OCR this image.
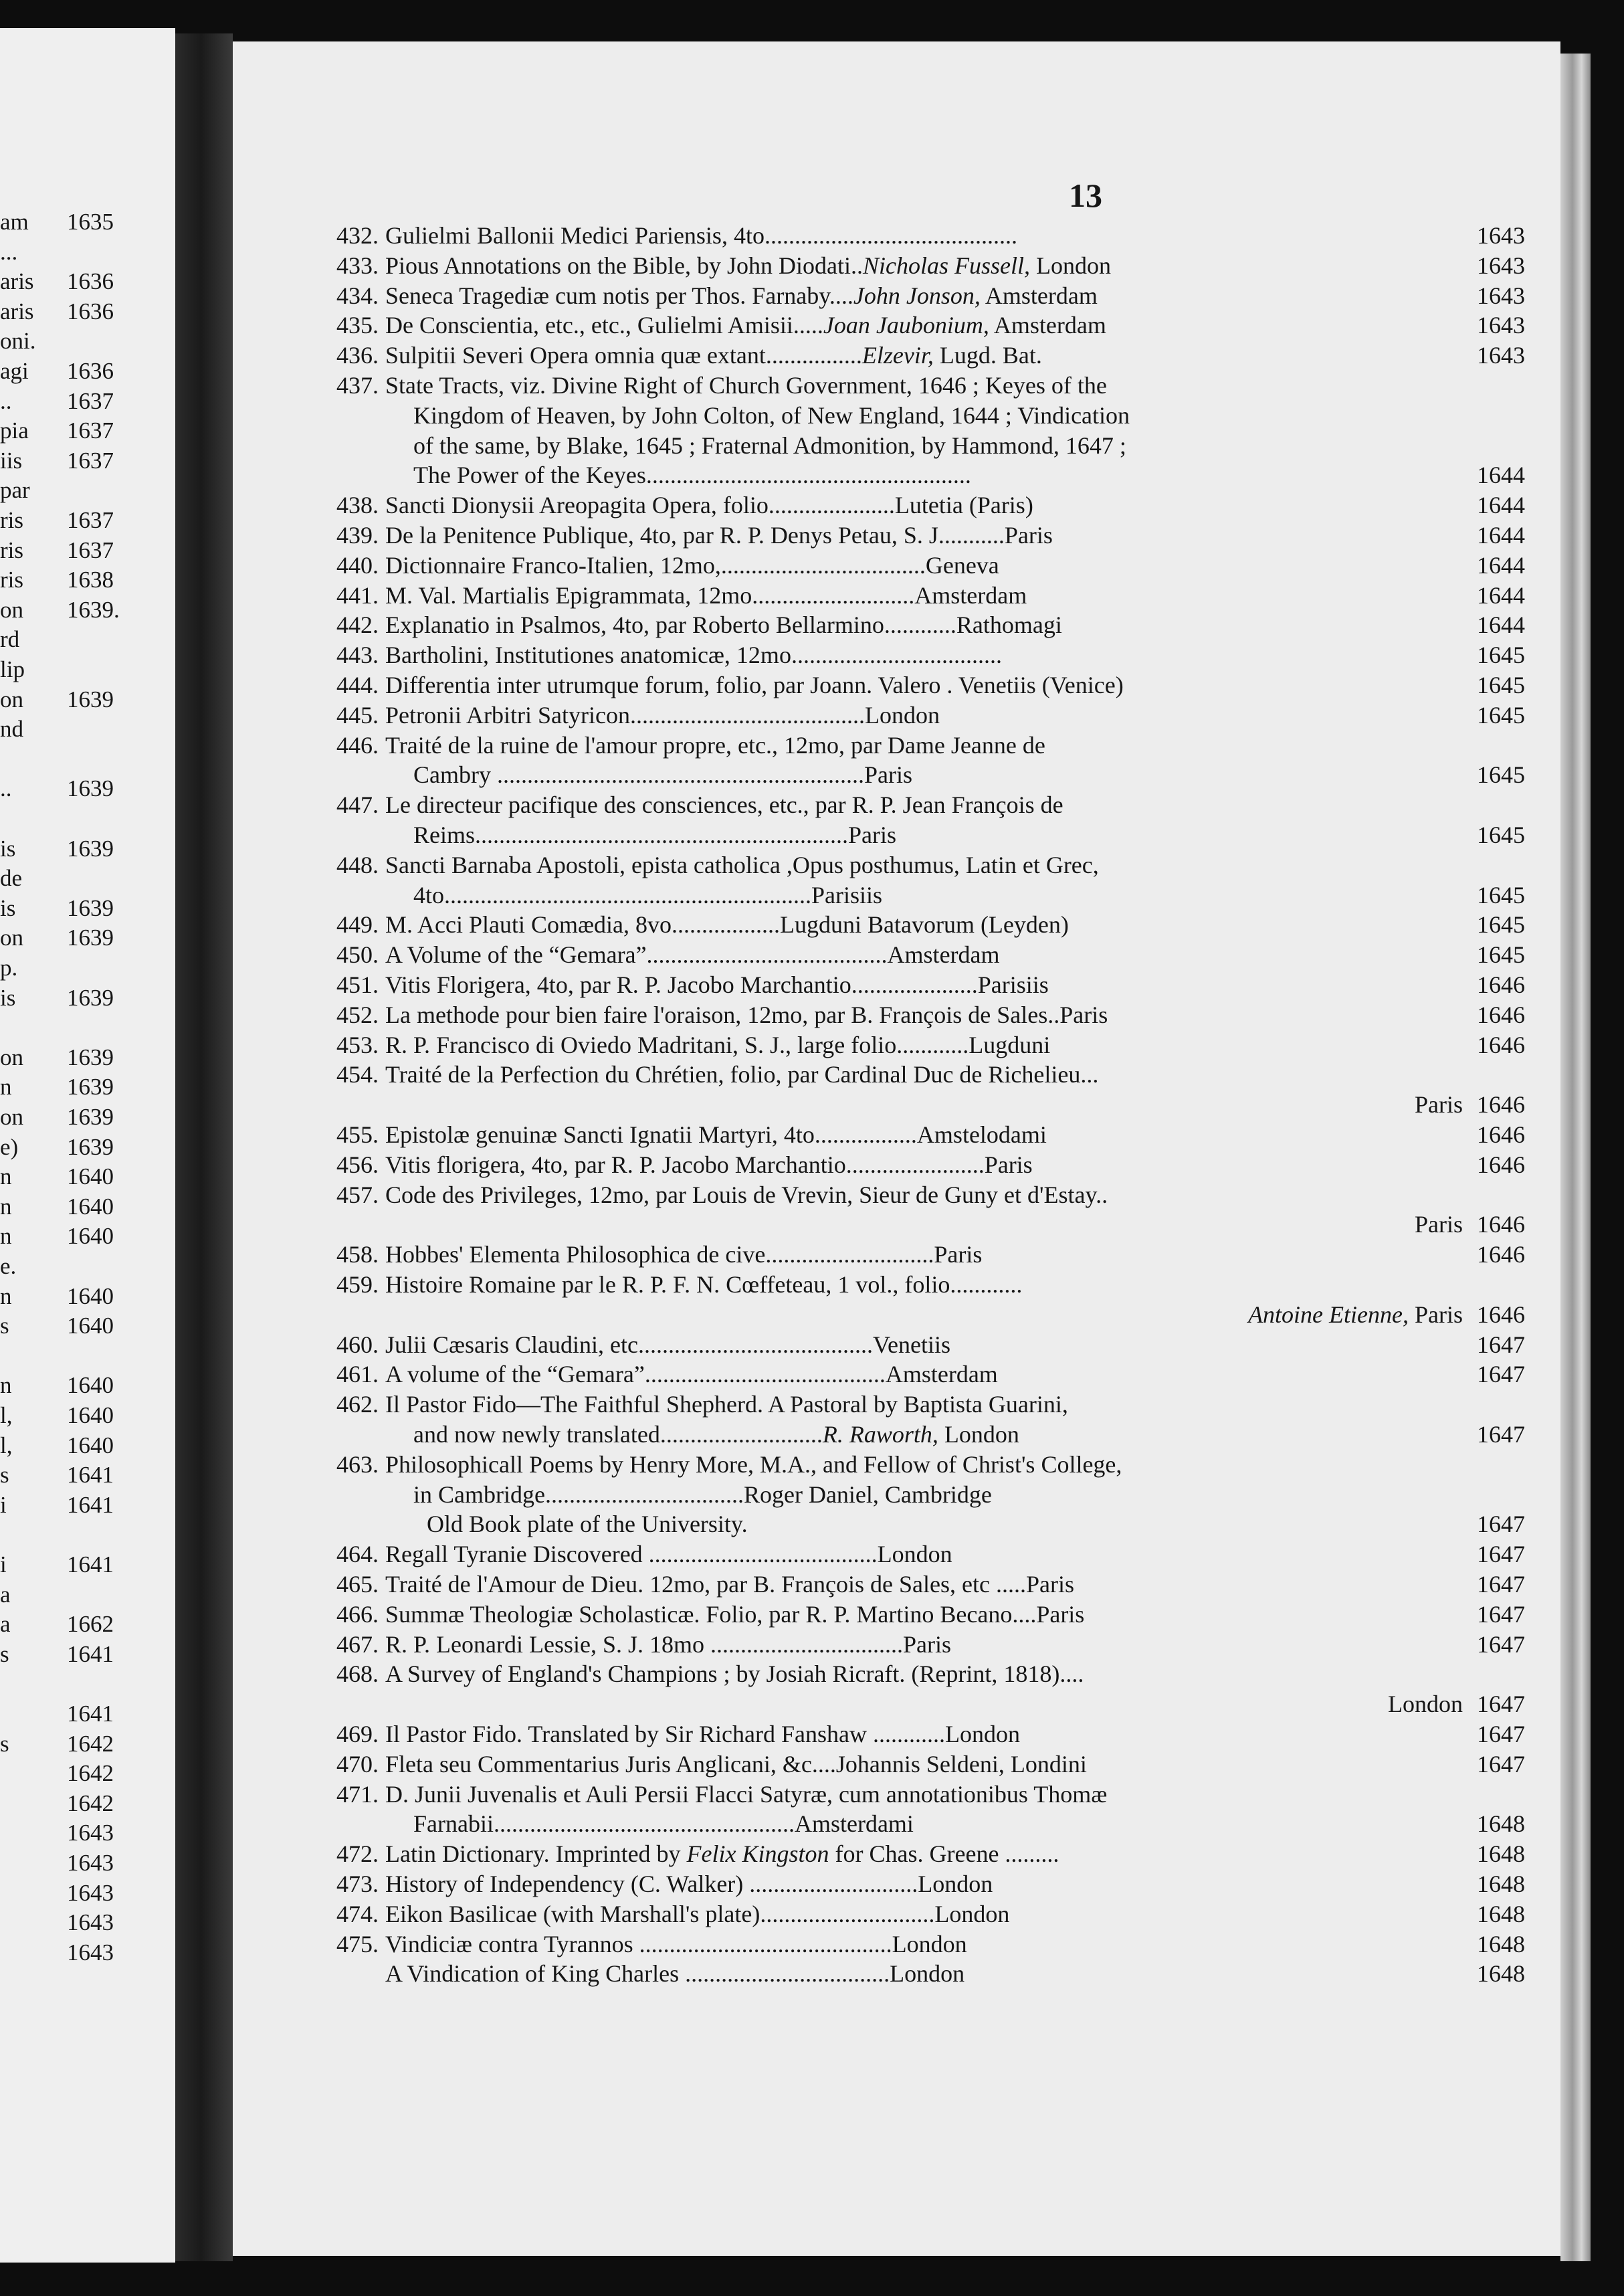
am 1635
...
aris 1636
aris 1636
oni.
agi 1636
.. 1637
pia 1637
iis 1637
par
ris 1637
ris 1637
ris 1638
on 1639.
rd
lip
on 1639
nd
.. 1639
is 1639
de
is 1639
on 1639
p.
is 1639
on 1639
n 1639
on 1639
e) 1639
n 1640
n 1640
n 1640
e.
n 1640
s 1640
n 1640
l, 1640
l, 1640
s 1641
i	1641
i	1641
a
a 1662
s 1641
1641
s 1642
1642
1642
1643
1643
1643
1643
1643
13
432. Gulielmi Ballonii Medici Pariensis, 4to..........................................	1643
433. Pious Annotations on the Bible, by John Diodati..Nicholas Fussell, London	1643
434. Seneca Tragediæ cum notis per Thos. Farnaby....John Jonson, Amsterdam	1643
435. De Conscientia, etc., etc., Gulielmi Amisii.....Joan Jaubonium, Amsterdam	1643
436. Sulpitii Severi Opera omnia quæ extant................Elzevir, Lugd. Bat.	1643
437. State Tracts, viz. Divine Right of Church Government, 1646 ; Keyes of the
Kingdom of Heaven, by John Colton, of New England, 1644 ; Vindication
of the same, by Blake, 1645 ; Fraternal Admonition, by Hammond, 1647 ;
The Power of the Keyes......................................................	1644
438. Sancti Dionysii Areopagita Opera, folio.....................Lutetia (Paris)	1644
439. De la Penitence Publique, 4to, par R. P. Denys Petau, S. J...........Paris	1644
440. Dictionnaire Franco-Italien, 12mo,..................................Geneva	1644
441. M. Val. Martialis Epigrammata, 12mo...........................Amsterdam	1644
442. Explanatio in Psalmos, 4to, par Roberto Bellarmino............Rathomagi	1644
443. Bartholini, Institutiones anatomicæ, 12mo...................................	1645
444. Differentia inter utrumque forum, folio, par Joann. Valero . Venetiis (Venice)	1645
445. Petronii Arbitri Satyricon.......................................London	1645
446. Traité de la ruine de l'amour propre, etc., 12mo, par Dame Jeanne de
Cambry .............................................................Paris	1645
447. Le directeur pacifique des consciences, etc., par R. P. Jean François de
Reims..............................................................Paris	1645
448. Sancti Barnaba Apostoli, epista catholica ,Opus posthumus, Latin et Grec,
4to.............................................................Parisiis	1645
449. M. Acci Plauti Comædia, 8vo..................Lugduni Batavorum (Leyden)	1645
450. A Volume of the “Gemara”........................................Amsterdam	1645
451. Vitis Florigera, 4to, par R. P. Jacobo Marchantio.....................Parisiis	1646
452. La methode pour bien faire l'oraison, 12mo, par B. François de Sales..Paris	1646
453. R. P. Francisco di Oviedo Madritani, S. J., large folio............Lugduni	1646
454. Traité de la Perfection du Chrétien, folio, par Cardinal Duc de Richelieu...
Paris 1646
455. Epistolæ genuinæ Sancti Ignatii Martyri, 4to.................Amstelodami	1646
456. Vitis florigera, 4to, par R. P. Jacobo Marchantio.......................Paris	1646
457. Code des Privileges, 12mo, par Louis de Vrevin, Sieur de Guny et d'Estay..
Paris 1646
458. Hobbes' Elementa Philosophica de cive............................Paris	1646
459. Histoire Romaine par le R. P. F. N. Cœffeteau, 1 vol., folio............
Antoine Etienne, Paris 1646
460. Julii Cæsaris Claudini, etc.......................................Venetiis	1647
461. A volume of the “Gemara”........................................Amsterdam	1647
462. Il Pastor Fido—The Faithful Shepherd. A Pastoral by Baptista Guarini,
and now newly translated...........................R. Raworth, London	1647
463. Philosophicall Poems by Henry More, M.A., and Fellow of Christ's College,
in Cambridge.................................Roger Daniel, Cambridge
Old Book plate of the University.	1647
464. Regall Tyranie Discovered ......................................London	1647
465. Traité de l'Amour de Dieu. 12mo, par B. François de Sales, etc .....Paris	1647
466. Summæ Theologiæ Scholasticæ. Folio, par R. P. Martino Becano....Paris	1647
467. R. P. Leonardi Lessie, S. J. 18mo ................................Paris	1647
468. A Survey of England's Champions ; by Josiah Ricraft. (Reprint, 1818)....
London 1647
469. Il Pastor Fido. Translated by Sir Richard Fanshaw ............London	1647
470. Fleta seu Commentarius Juris Anglicani, &c....Johannis Seldeni, Londini	1647
471. D. Junii Juvenalis et Auli Persii Flacci Satyræ, cum annotationibus Thomæ
Farnabii..................................................Amsterdami	1648
472. Latin Dictionary. Imprinted by Felix Kingston for Chas. Greene .........	1648
473. History of Independency (C. Walker) ............................London	1648
474. Eikon Basilicae (with Marshall's plate).............................London	1648
475. Vindiciæ contra Tyrannos ..........................................London	1648
A Vindication of King Charles ..................................London	1648
